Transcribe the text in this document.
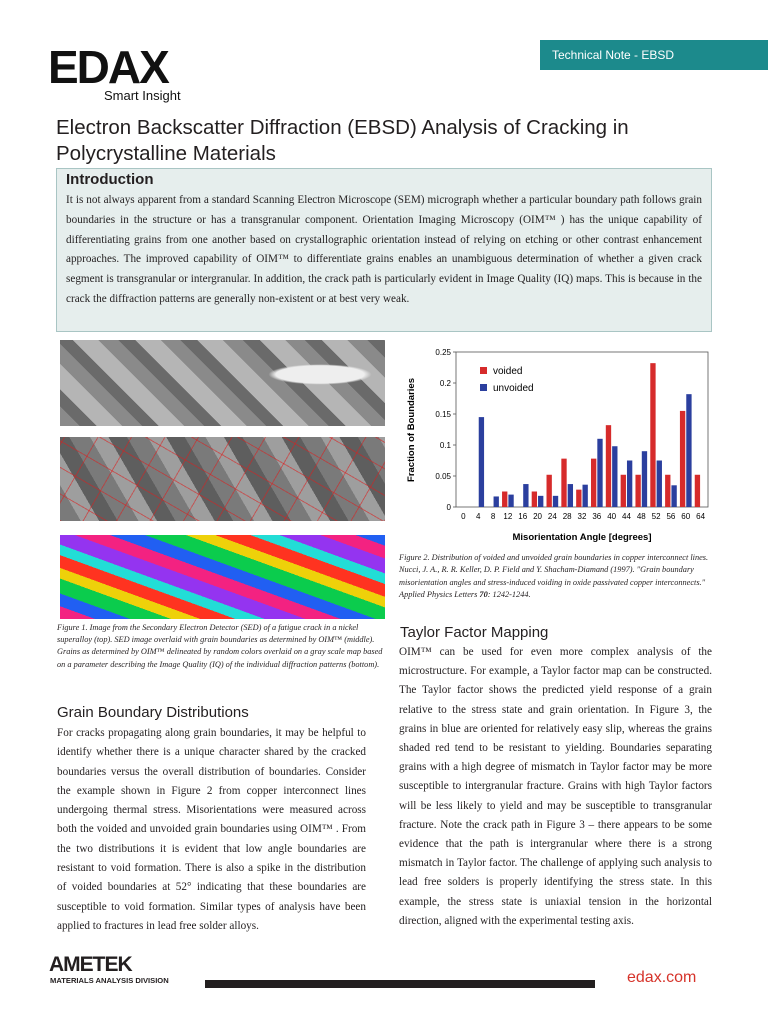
EDAX
Smart Insight
Technical Note - EBSD
Electron Backscatter Diffraction (EBSD) Analysis of Cracking in Polycrystalline Materials
Introduction
It is not always apparent from a standard Scanning Electron Microscope (SEM) micrograph whether a particular boundary path follows grain boundaries in the structure or has a transgranular component. Orientation Imaging Microscopy (OIM™ ) has the unique capability of differentiating grains from one another based on crystallographic orientation instead of relying on etching or other contrast enhancement approaches. The improved capability of OIM™ to differentiate grains enables an unambiguous determination of whether a given crack segment is transgranular or intergranular. In addition, the crack path is particularly evident in Image Quality (IQ) maps. This is because in the crack the diffraction patterns are generally non-existent or at best very weak.
Figure 1. Image from the Secondary Electron Detector (SED) of a fatigue crack in a nickel superalloy (top). SED image overlaid with grain boundaries as determined by OIM™ (middle). Grains as determined by OIM™ delineated by random colors overlaid on a gray scale map based on a parameter describing the Image Quality (IQ) of the individual diffraction patterns (bottom).
0
0.05
0.1
0.15
0.2
0.25
0 4 8 12 16 20 24 28 32 36 40 44 48 52 56 60 64
voided
unvoided
Misorientation Angle [degrees]
Fraction of Boundaries
Figure 2. Distribution of voided and unvoided grain boundaries in copper interconnect lines. Nucci, J. A., R. R. Keller, D. P. Field and Y. Shacham-Diamand (1997). "Grain boundary misorientation angles and stress-induced voiding in oxide passivated copper interconnects." Applied Physics Letters 70: 1242-1244.
Grain Boundary Distributions
For cracks propagating along grain boundaries, it may be helpful to identify whether there is a unique character shared by the cracked boundaries versus the overall distribution of boundaries. Consider the example shown in Figure 2 from copper interconnect lines undergoing thermal stress. Misorientations were measured across both the voided and unvoided grain boundaries using OIM™ . From the two distributions it is evident that low angle boundaries are resistant to void formation. There is also a spike in the distribution of voided boundaries at 52° indicating that these boundaries are susceptible to void formation. Similar types of analysis have been applied to fractures in lead free solder alloys.
Taylor Factor Mapping
OIM™ can be used for even more complex analysis of the microstructure. For example, a Taylor factor map can be constructed. The Taylor factor shows the predicted yield response of a grain relative to the stress state and grain orientation. In Figure 3, the grains in blue are oriented for relatively easy slip, whereas the grains shaded red tend to be resistant to yielding. Boundaries separating grains with a high degree of mismatch in Taylor factor may be more susceptible to intergranular fracture. Grains with high Taylor factors will be less likely to yield and may be susceptible to transgranular fracture. Note the crack path in Figure 3 – there appears to be some evidence that the path is intergranular where there is a strong mismatch in Taylor factor. The challenge of applying such analysis to lead free solders is properly identifying the stress state. In this example, the stress state is uniaxial tension in the horizontal direction, aligned with the experimental testing axis.
AMETEK
MATERIALS ANALYSIS DIVISION	edax.com
